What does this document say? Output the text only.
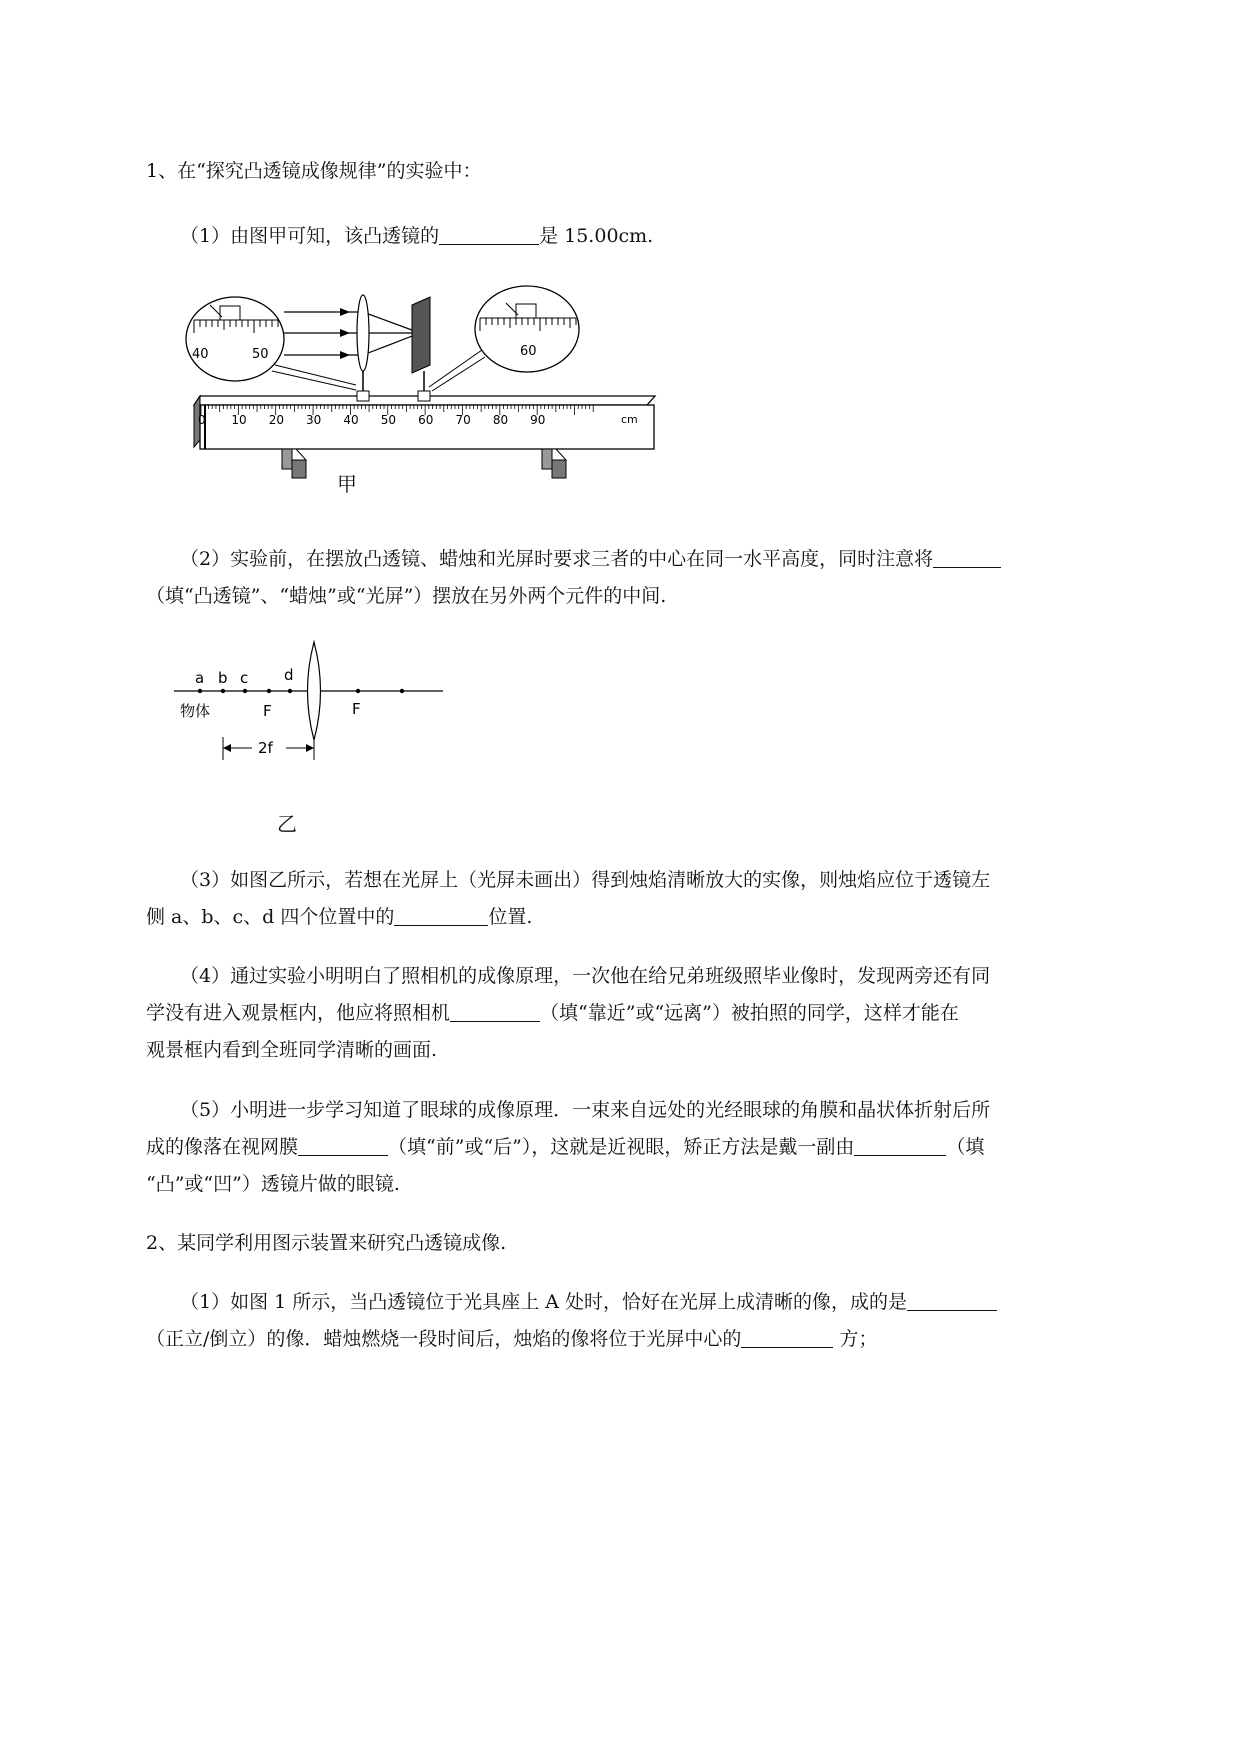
1、在“探究凸透镜成像规律”的实验中：
（1）由图甲可知，该凸透镜的	是 15.00cm.
0 10 20 30 40 50 60 70 80 90	cm
40	50	60
甲
（2）实验前，在摆放凸透镜、蜡烛和光屏时要求三者的中心在同一水平高度，同时注意将
（填“凸透镜”、“蜡烛”或“光屏”）摆放在另外两个元件的中间.
a b c d
物体	F	F
2f
乙
（3）如图乙所示，若想在光屏上（光屏未画出）得到烛焰清晰放大的实像，则烛焰应位于透镜左
侧 a、b、c、d 四个位置中的	位置.
（4）通过实验小明明白了照相机的成像原理，一次他在给兄弟班级照毕业像时，发现两旁还有同
学没有进入观景框内，他应将照相机	（填“靠近”或“远离”）被拍照的同学，这样才能在
观景框内看到全班同学清晰的画面.
（5）小明进一步学习知道了眼球的成像原理．一束来自远处的光经眼球的角膜和晶状体折射后所
成的像落在视网膜	（填“前”或“后”），这就是近视眼，矫正方法是戴一副由	（填
“凸”或“凹”）透镜片做的眼镜.
2、某同学利用图示装置来研究凸透镜成像.
（1）如图 1 所示，当凸透镜位于光具座上 A 处时，恰好在光屏上成清晰的像，成的是
（正立/倒立）的像．蜡烛燃烧一段时间后，烛焰的像将位于光屏中心的	方；
